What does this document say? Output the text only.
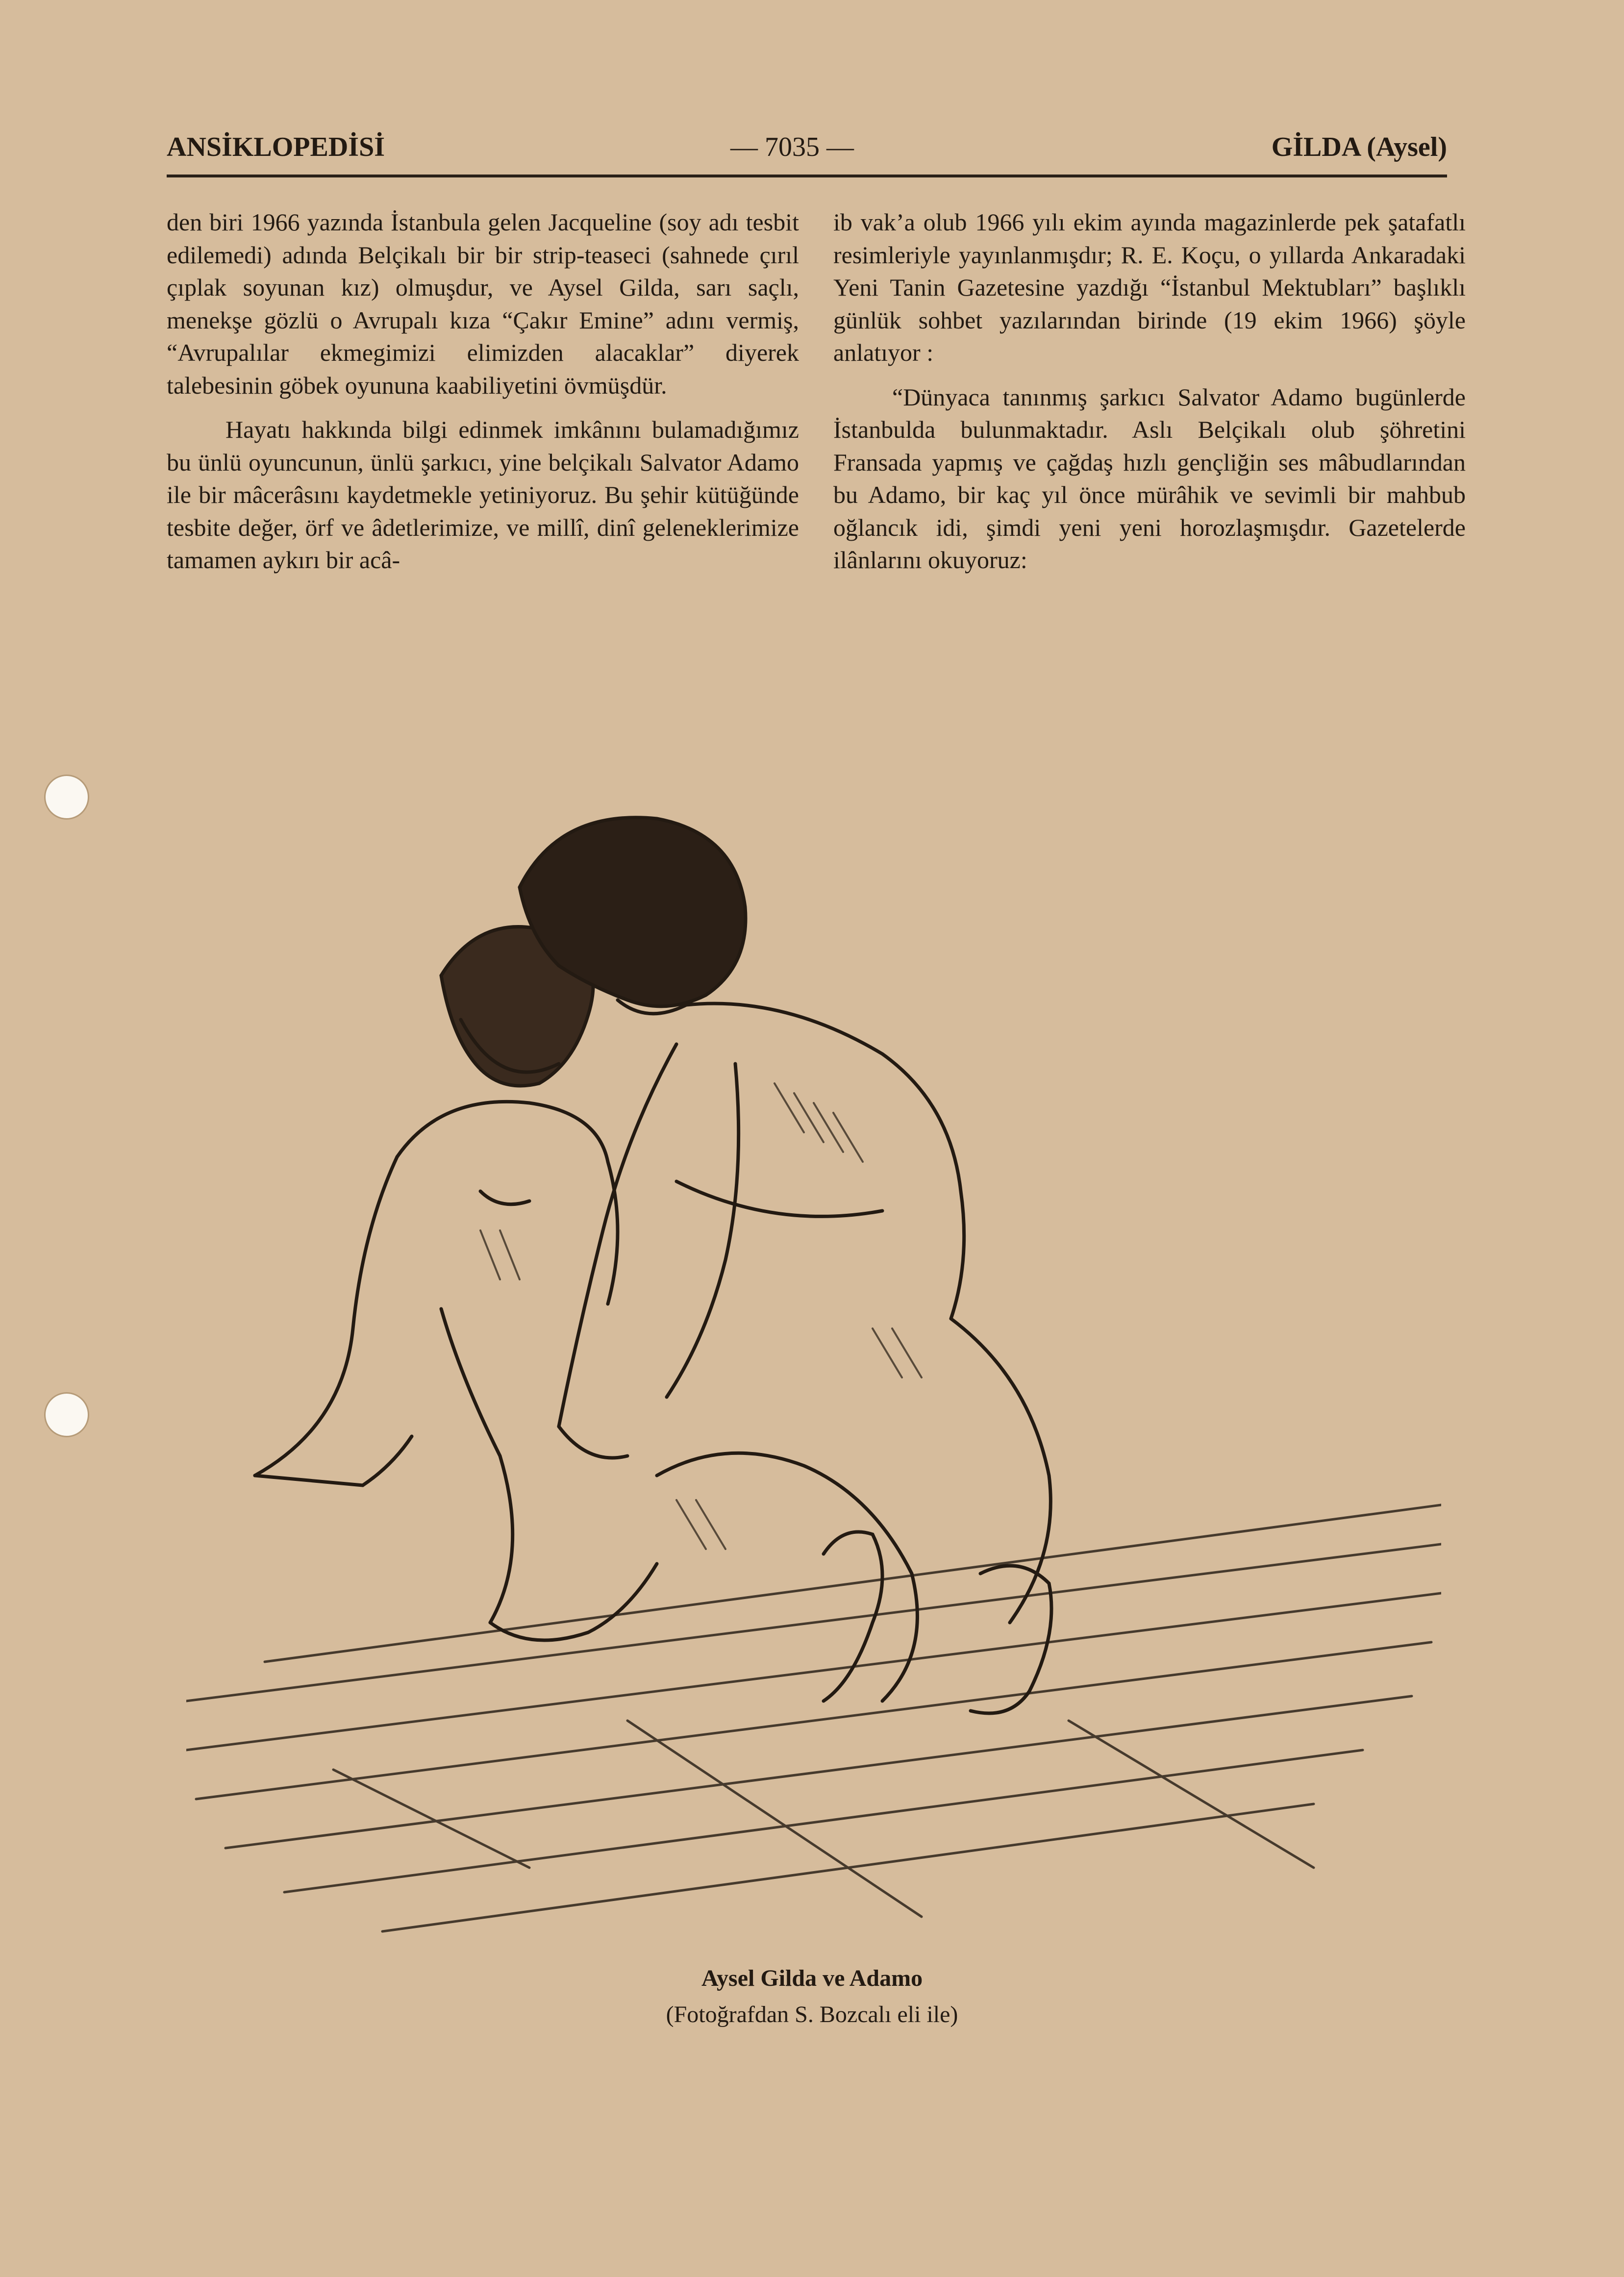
ANSİKLOPEDİSİ	— 7035 —	GİLDA (Aysel)

den biri 1966 yazında İstanbula gelen Jacqueline (soy adı tesbit edilemedi) adında Belçikalı bir bir strip-teaseci (sahnede çırıl çıplak soyunan kız) olmuşdur, ve Aysel Gilda, sarı saçlı, menekşe gözlü o Avrupalı kıza “Çakır Emine” adını vermiş, “Avrupalılar ekmegimizi elimizden alacaklar” diyerek talebesinin göbek oyununa kaabiliyetini övmüşdür.

Hayatı hakkında bilgi edinmek imkânını bulamadığımız bu ünlü oyuncunun, ünlü şarkıcı, yine belçikalı Salvator Adamo ile bir mâcerâsını kaydetmekle yetiniyoruz. Bu şehir kütüğünde tesbite değer, örf ve âdetlerimize, ve millî, dinî geleneklerimize tamamen aykırı bir acâ-

ib vak’a olub 1966 yılı ekim ayında magazinlerde pek şatafatlı resimleriyle yayınlanmışdır; R. E. Koçu, o yıllarda Ankaradaki Yeni Tanin Gazetesine yazdığı “İstanbul Mektubları” başlıklı günlük sohbet yazılarından birinde (19 ekim 1966) şöyle anlatıyor :

“Dünyaca tanınmış şarkıcı Salvator Adamo bugünlerde İstanbulda bulunmaktadır. Aslı Belçikalı olub şöhretini Fransada yapmış ve çağdaş hızlı gençliğin ses mâbudlarından bu Adamo, bir kaç yıl önce mürâhik ve sevimli bir mahbub oğlancık idi, şimdi yeni yeni horozlaşmışdır. Gazetelerde ilânlarını okuyoruz:

Aysel Gilda ve Adamo
(Fotoğrafdan S. Bozcalı eli ile)
